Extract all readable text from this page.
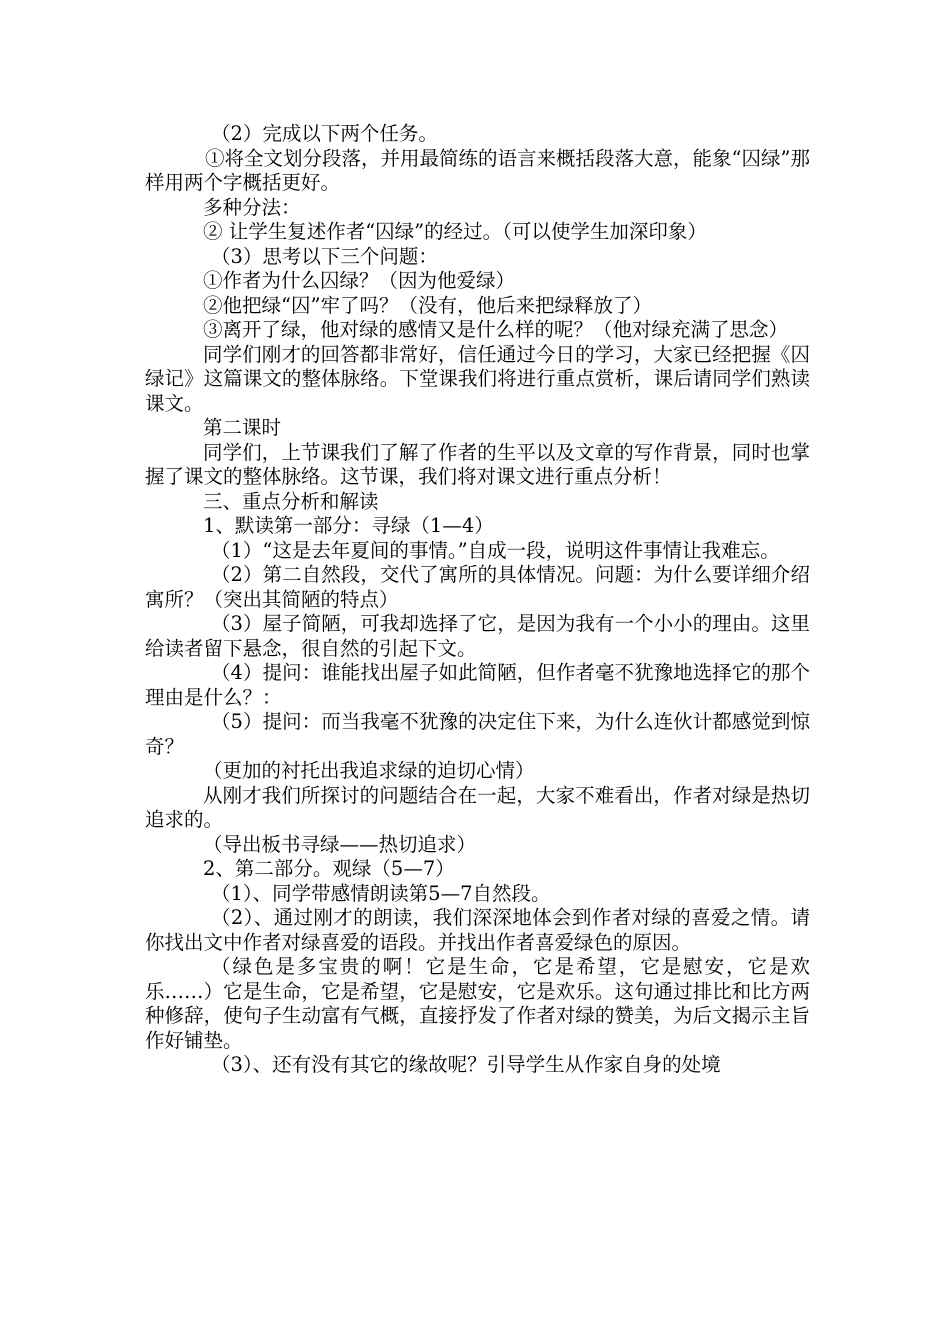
（2）完成以下两个任务。

①将全文划分段落，并用最简练的语言来概括段落大意，能象“囚绿”那样用两个字概括更好。

多种分法：

② 让学生复述作者“囚绿”的经过。（可以使学生加深印象）

（3）思考以下三个问题：

①作者为什么囚绿？（因为他爱绿）

②他把绿“囚”牢了吗？（没有，他后来把绿释放了）

③离开了绿，他对绿的感情又是什么样的呢？（他对绿充满了思念）

同学们刚才的回答都非常好，信任通过今日的学习，大家已经把握《囚绿记》这篇课文的整体脉络。下堂课我们将进行重点赏析，课后请同学们熟读课文。

第二课时

同学们，上节课我们了解了作者的生平以及文章的写作背景，同时也掌握了课文的整体脉络。这节课，我们将对课文进行重点分析！

三、重点分析和解读

1、默读第一部分：寻绿（1—4）

（1）“这是去年夏间的事情。”自成一段，说明这件事情让我难忘。

（2）第二自然段，交代了寓所的具体情况。问题：为什么要详细介绍寓所？（突出其简陋的特点）

（3）屋子简陋，可我却选择了它，是因为我有一个小小的理由。这里给读者留下悬念，很自然的引起下文。

（4）提问：谁能找出屋子如此简陋，但作者毫不犹豫地选择它的那个理由是什么？：

（5）提问：而当我毫不犹豫的决定住下来，为什么连伙计都感觉到惊奇？

（更加的衬托出我追求绿的迫切心情）

从刚才我们所探讨的问题结合在一起，大家不难看出，作者对绿是热切追求的。

（导出板书寻绿——热切追求）

2、第二部分。观绿（5—7）

（1）、同学带感情朗读第5—7自然段。

（2）、通过刚才的朗读，我们深深地体会到作者对绿的喜爱之情。请你找出文中作者对绿喜爱的语段。并找出作者喜爱绿色的原因。

（绿色是多宝贵的啊！它是生命，它是希望，它是慰安，它是欢乐……）它是生命，它是希望，它是慰安，它是欢乐。这句通过排比和比方两种修辞，使句子生动富有气概，直接抒发了作者对绿的赞美，为后文揭示主旨作好铺垫。

（3）、还有没有其它的缘故呢？引导学生从作家自身的处境
